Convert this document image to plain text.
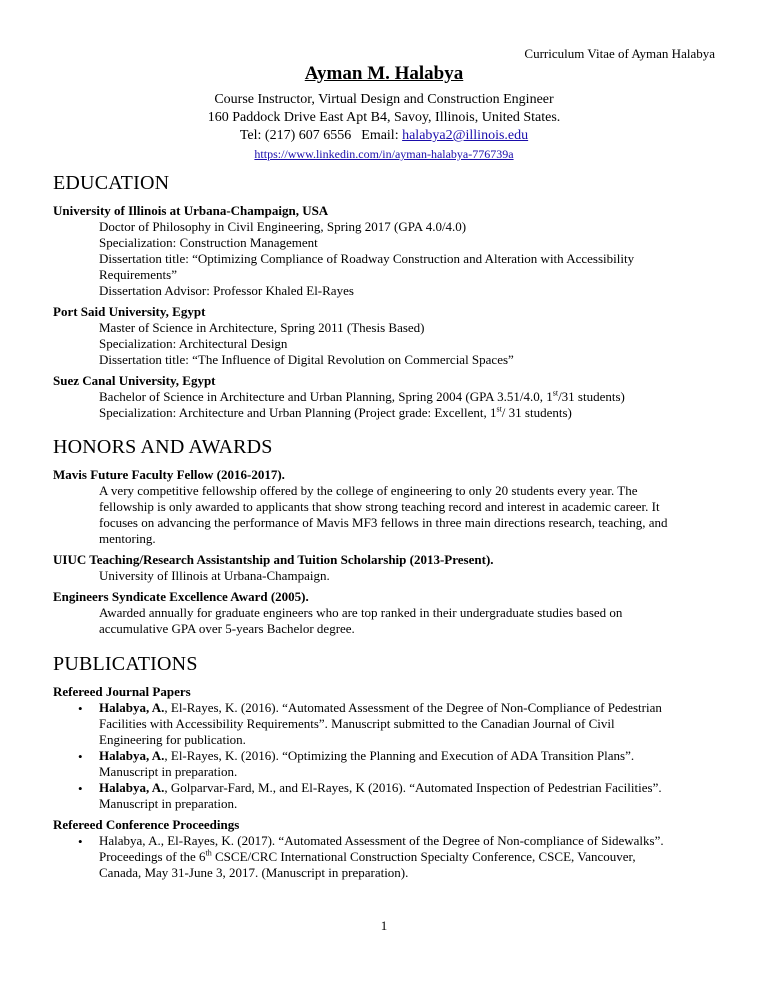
Curriculum Vitae of Ayman Halabya
Ayman M. Halabya
Course Instructor, Virtual Design and Construction Engineer
160 Paddock Drive East Apt B4, Savoy, Illinois, United States.
Tel: (217) 607 6556 Email: halabya2@illinois.edu
https://www.linkedin.com/in/ayman-halabya-776739a
EDUCATION
University of Illinois at Urbana-Champaign, USA

Doctor of Philosophy in Civil Engineering, Spring 2017 (GPA 4.0/4.0)

Specialization: Construction Management

Dissertation title: “Optimizing Compliance of Roadway Construction and Alteration with Accessibility

Requirements”

Dissertation Advisor: Professor Khaled El-Rayes

Port Said University, Egypt

Master of Science in Architecture, Spring 2011 (Thesis Based)

Specialization: Architectural Design

Dissertation title: “The Influence of Digital Revolution on Commercial Spaces”

Suez Canal University, Egypt

Bachelor of Science in Architecture and Urban Planning, Spring 2004 (GPA 3.51/4.0, 1st/31 students)

Specialization: Architecture and Urban Planning (Project grade: Excellent, 1st/ 31 students)

HONORS AND AWARDS
Mavis Future Faculty Fellow (2016-2017).

A very competitive fellowship offered by the college of engineering to only 20 students every year. The

fellowship is only awarded to applicants that show strong teaching record and interest in academic career. It

focuses on advancing the performance of Mavis MF3 fellows in three main directions research, teaching, and

mentoring.

UIUC Teaching/Research Assistantship and Tuition Scholarship (2013-Present).

University of Illinois at Urbana-Champaign.

Engineers Syndicate Excellence Award (2005).

Awarded annually for graduate engineers who are top ranked in their undergraduate studies based on

accumulative GPA over 5-years Bachelor degree.

PUBLICATIONS
Refereed Journal Papers
• Halabya, A., El-Rayes, K. (2016). “Automated Assessment of the Degree of Non-Compliance of Pedestrian

Facilities with Accessibility Requirements”. Manuscript submitted to the Canadian Journal of Civil

Engineering for publication.

• Halabya, A., El-Rayes, K. (2016). “Optimizing the Planning and Execution of ADA Transition Plans”.

Manuscript in preparation.

• Halabya, A., Golparvar-Fard, M., and El-Rayes, K (2016). “Automated Inspection of Pedestrian Facilities”.

Manuscript in preparation.

Refereed Conference Proceedings
• Halabya, A., El-Rayes, K. (2017). “Automated Assessment of the Degree of Non-compliance of Sidewalks”.

Proceedings of the 6th CSCE/CRC International Construction Specialty Conference, CSCE, Vancouver,

Canada, May 31-June 3, 2017. (Manuscript in preparation).

1
